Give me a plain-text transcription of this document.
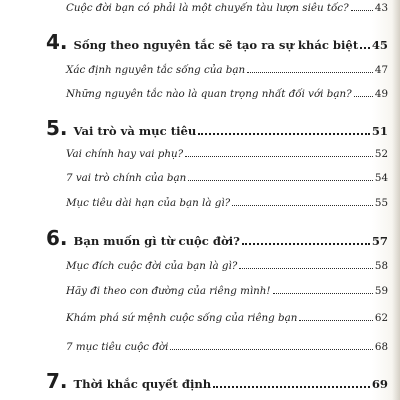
Cuộc đời bạn có phải là một chuyến tàu lượn siêu tốc?	43
4. Sống theo nguyên tắc sẽ tạo ra sự khác biệt 45
Xác định nguyên tắc sống của bạn	47
Những nguyên tắc nào là quan trọng nhất đối với bạn? 49
5. Vai trò và mục tiêu	51
Vai chính hay vai phụ?	52
7 vai trò chính của bạn	54
Mục tiêu dài hạn của bạn là gì?	55
6. Bạn muốn gì từ cuộc đời?	57
Mục đích cuộc đời của bạn là gì?	58
Hãy đi theo con đường của riêng mình!	59
Khám phá sứ mệnh cuộc sống của riêng bạn	62
7 mục tiêu cuộc đời	68
7. Thời khắc quyết định	69
